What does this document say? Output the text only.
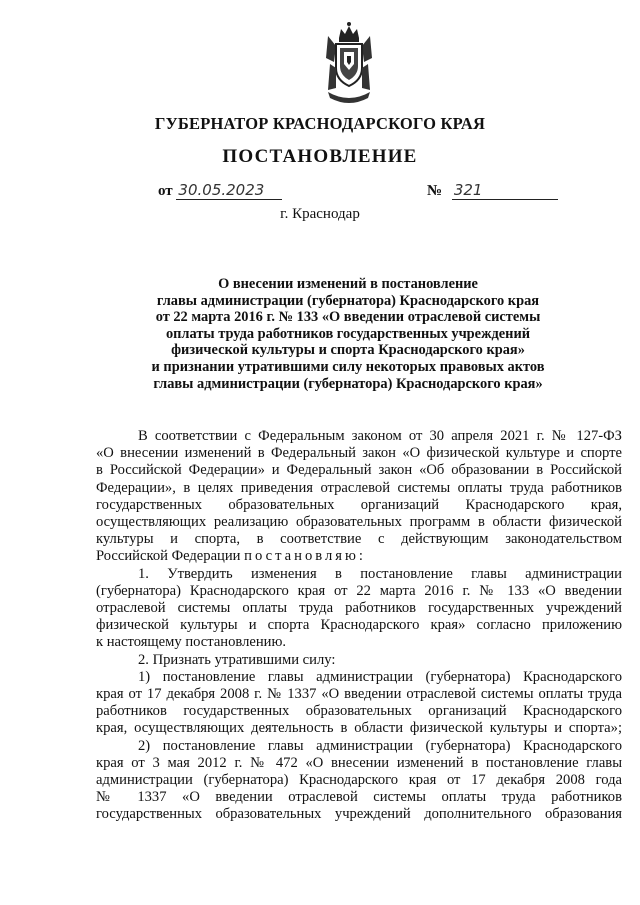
ГУБЕРНАТОР КРАСНОДАРСКОГО КРАЯ
ПОСТАНОВЛЕНИЕ
от 30.05.2023	№ 321
г. Краснодар
О внесении изменений в постановление
главы администрации (губернатора) Краснодарского края
от 22 марта 2016 г. № 133 «О введении отраслевой системы
оплаты труда работников государственных учреждений
физической культуры и спорта Краснодарского края»
и признании утратившими силу некоторых правовых актов
главы администрации (губернатора) Краснодарского края»
В соответствии с Федеральным законом от 30 апреля 2021 г. № 127-ФЗ
«О внесении изменений в Федеральный закон «О физической культуре и спорте
в Российской Федерации» и Федеральный закон «Об образовании в Российской
Федерации», в целях приведения отраслевой системы оплаты труда работников
государственных образовательных организаций Краснодарского края,
осуществляющих реализацию образовательных программ в области физической
культуры и спорта, в соответствие с действующим законодательством
Российской Федерации постановляю:
1. Утвердить изменения в постановление главы администрации
(губернатора) Краснодарского края от 22 марта 2016 г. № 133 «О введении
отраслевой системы оплаты труда работников государственных учреждений
физической культуры и спорта Краснодарского края» согласно приложению
к настоящему постановлению.
2. Признать утратившими силу:
1) постановление главы администрации (губернатора) Краснодарского
края от 17 декабря 2008 г. № 1337 «О введении отраслевой системы оплаты труда
работников государственных образовательных организаций Краснодарского
края, осуществляющих деятельность в области физической культуры и спорта»;
2) постановление главы администрации (губернатора) Краснодарского
края от 3 мая 2012 г. № 472 «О внесении изменений в постановление главы
администрации (губернатора) Краснодарского края от 17 декабря 2008 года
№ 1337 «О введении отраслевой системы оплаты труда работников
государственных образовательных учреждений дополнительного образования
